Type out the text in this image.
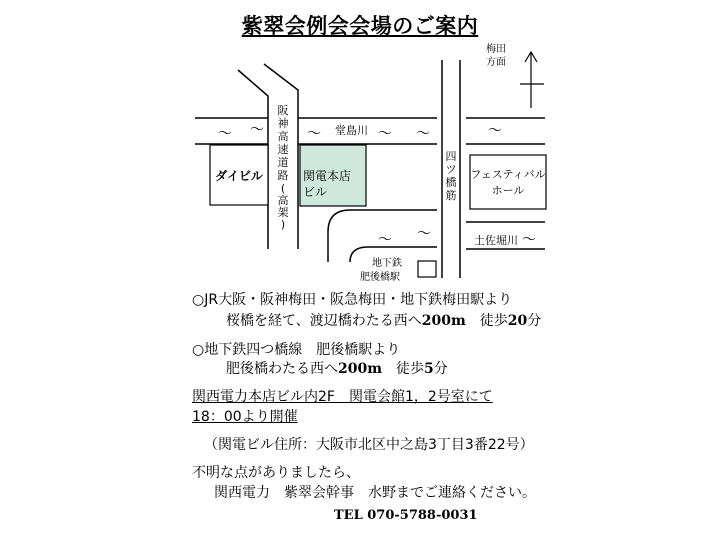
紫翠会例会会場のご案内
～ ～	～	～ ～	～
～ ～
堂島川
阪
神
高
速
道
路
(
高
架
)
ダイビル	関電本店
ビル
土佐堀川 ～
四
ツ
橋
筋
フェスティバル
ホール
地下鉄
肥後橋駅
梅田
方面
○JR大阪・阪神梅田・阪急梅田・地下鉄梅田駅より
桜橋を経て、渡辺橋わたる西へ200m　 徒歩20分
○地下鉄四つ橋線　肥後橋駅より
肥後橋わたる西へ200m　 徒歩5分
関西電力本店ビル内2F　関電会館1，2号室にて
18：00より開催
（関電ビル住所：大阪市北区中之島3丁目3番22号）
不明な点がありましたら、
関西電力　紫翠会幹事　水野までご連絡ください。
TEL 070-5788-0031
